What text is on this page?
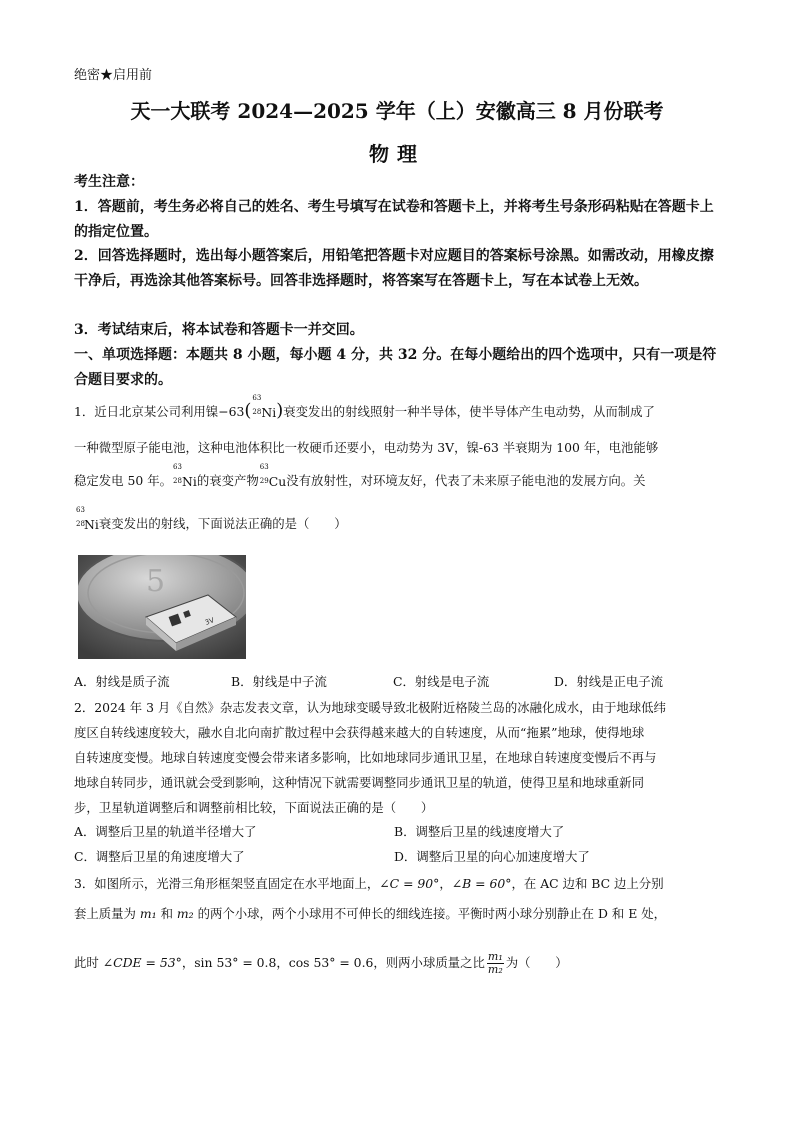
绝密★启用前
天一大联考 2024—2025 学年（上）安徽高三 8 月份联考
物理
考生注意：
1．答题前，考生务必将自己的姓名、考生号填写在试卷和答题卡上，并将考生号条形码粘贴在答题卡上的指定位置。
2．回答选择题时，选出每小题答案后，用铅笔把答题卡对应题目的答案标号涂黑。如需改动，用橡皮擦干净后，再选涂其他答案标号。回答非选择题时，将答案写在答题卡上，写在本试卷上无效。
3．考试结束后，将本试卷和答题卡一并交回。
一、单项选择题：本题共 8 小题，每小题 4 分，共 32 分。在每小题给出的四个选项中，只有一项是符合题目要求的。
1．近日北京某公司利用镍−63(
63
28 Ni)衰变发出的射线照射一种半导体，使半导体产生电动势，从而制成了
一种微型原子能电池，这种电池体积比一枚硬币还要小，电动势为 3V，镍-63 半衰期为 100 年，电池能够
稳定发电 50 年。
63
28 Ni的衰变产物
63
29 Cu没有放射性，对环境友好，代表了未来原子能电池的发展方向。关
63
28 Ni衰变发出的射线，下面说法正确的是（　　）
5
3V
A．射线是质子流	B．射线是中子流	C．射线是电子流	D．射线是正电子流
2．2024 年 3 月《自然》杂志发表文章，认为地球变暖导致北极附近格陵兰岛的冰融化成水，由于地球低纬
度区自转线速度较大，融水自北向南扩散过程中会获得越来越大的自转速度，从而“拖累”地球，使得地球
自转速度变慢。地球自转速度变慢会带来诸多影响，比如地球同步通讯卫星，在地球自转速度变慢后不再与
地球自转同步，通讯就会受到影响，这种情况下就需要调整同步通讯卫星的轨道，使得卫星和地球重新同
步，卫星轨道调整后和调整前相比较，下面说法正确的是（　　）
A．调整后卫星的轨道半径增大了	B．调整后卫星的线速度增大了
C．调整后卫星的角速度增大了	D．调整后卫星的向心加速度增大了
3．如图所示，光滑三角形框架竖直固定在水平地面上，∠C = 90°，∠B = 60°，在 AC 边和 BC 边上分别
套上质量为 m₁ 和 m₂ 的两个小球，两个小球用不可伸长的细线连接。平衡时两小球分别静止在 D 和 E 处，
此时 ∠CDE = 53°，sin 53° = 0.8，cos 53° = 0.6，则两小球质量之比 $\frac{\text{m₁}}{\text{m₂}}$ 为（　　）
